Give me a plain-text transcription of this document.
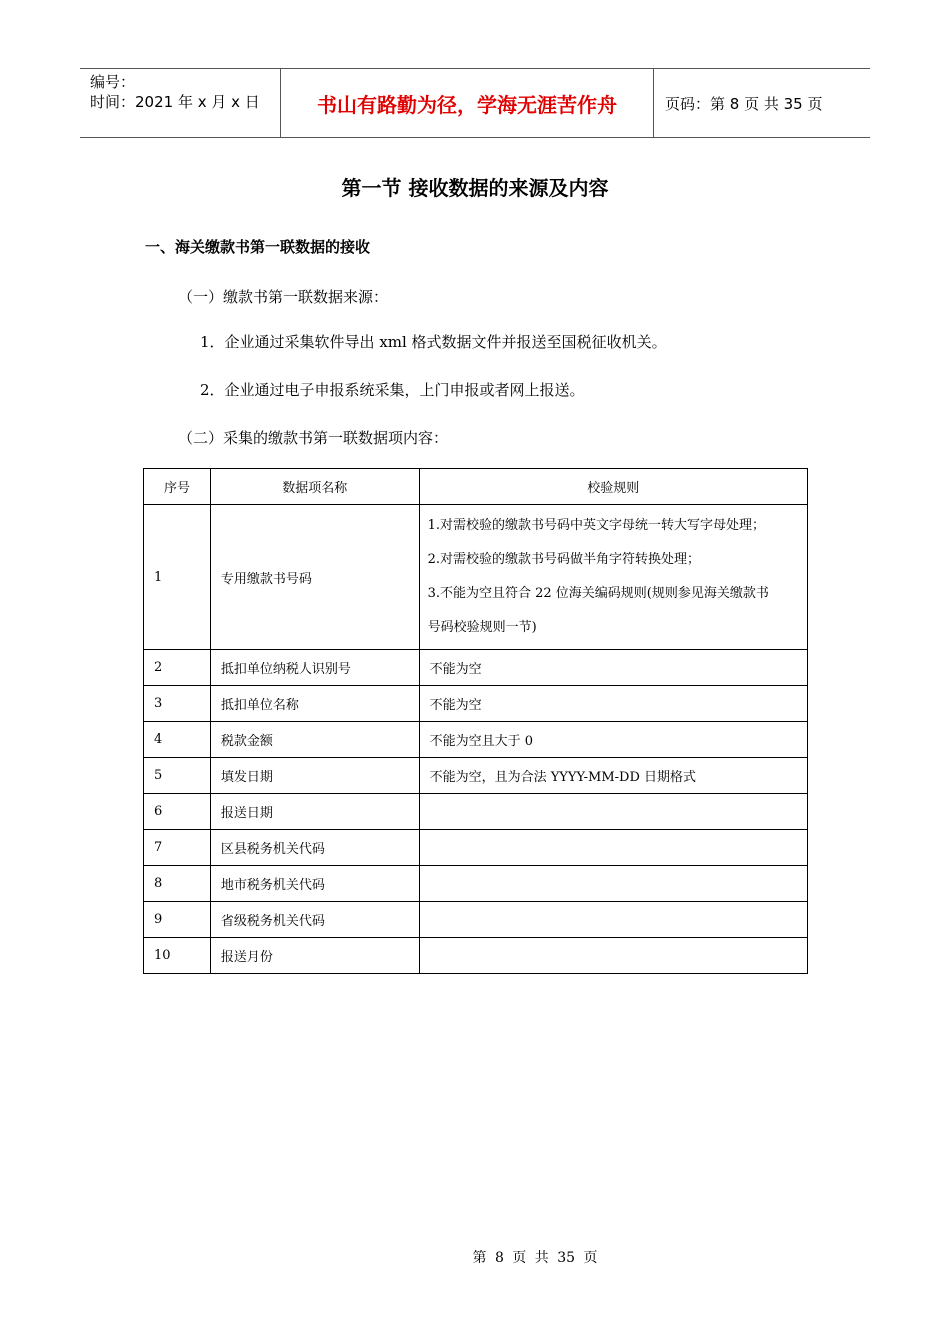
编号：
时间：2021 年 x 月 x 日	书山有路勤为径，学海无涯苦作舟	页码：第 8 页 共 35 页
第一节 接收数据的来源及内容
一、海关缴款书第一联数据的接收
（一）缴款书第一联数据来源：
1．企业通过采集软件导出 xml 格式数据文件并报送至国税征收机关。
2．企业通过电子申报系统采集，上门申报或者网上报送。
（二）采集的缴款书第一联数据项内容：
序号	数据项名称	校验规则
1	专用缴款书号码	1.对需校验的缴款书号码中英文字母统一转大写字母处理；
2.对需校验的缴款书号码做半角字符转换处理；
3.不能为空且符合 22 位海关编码规则(规则参见海关缴款书
号码校验规则一节)

2	抵扣单位纳税人识别号	不能为空
3	抵扣单位名称	不能为空
4	税款金额	不能为空且大于 0
5	填发日期	不能为空，且为合法 YYYY-MM-DD 日期格式
6	报送日期	
7	区县税务机关代码	
8	地市税务机关代码	
9	省级税务机关代码	
10	报送月份	
第 8 页 共 35 页
